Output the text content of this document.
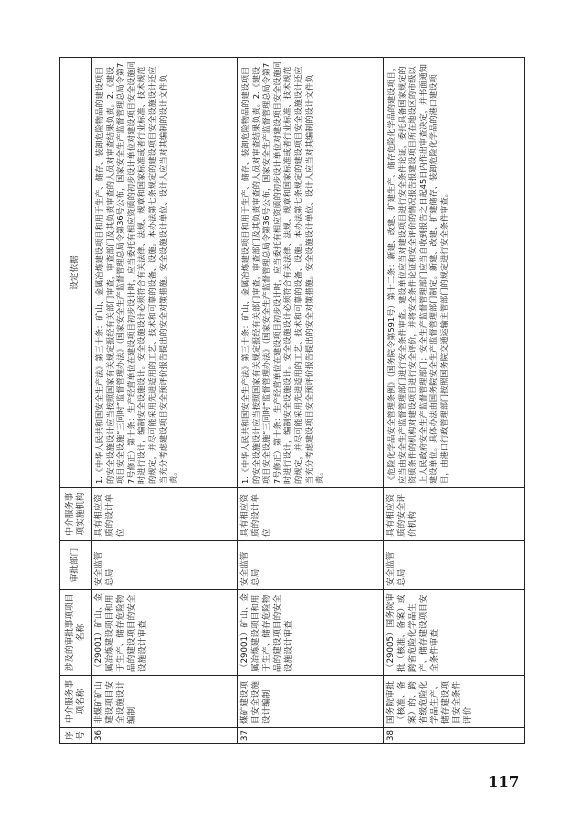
序号	中介服务事项名称	涉及的审批事项项目名称	审批部门	中介服务事项实施机构	设定依据
36	非煤矿矿山建设项目安全设施设计编制	（29001）矿山、金属冶炼建设项目和用于生产、储存危险物品的建设项目的安全设施设计审查	安全监管总局	具有相应资质的设计单位	1.《中华人民共和国安全生产法》第三十条：矿山、金属冶炼建设项目和用于生产、储存、装卸危险物品的建设项目的安全设施设计应当按照国家有关规定报经有关部门审查，审查部门及其负责审查的人员对审查结果负责。2.《建设项目安全设施“三同时”监督管理办法》（国家安全生产监督管理总局令第36号公布，国家安全生产监督管理总局令第77号修正）第十条：生产经营单位在建设项目初步设计时，应当委托有相应资质的初步设计单位对建设项目安全设施同时进行设计，编制安全设施设计。安全设施设计必须符合有关法律、法规、规章和国家标准或者行业标准、技术规范的规定，并尽可能采用先进适用的工艺、技术和可靠的设备、设施。本办法第七条规定的建设项目安全设施设计还应当充分考虑建设项目安全预评价报告提出的安全对策措施。安全设施设计单位、设计人应当对其编制的设计文件负责。
37	煤矿建设项目安全设施设计编制	（29001）矿山、金属冶炼建设项目和用于生产、储存危险物品的建设项目的安全设施设计审查	安全监管总局	具有相应资质的设计单位	1.《中华人民共和国安全生产法》第三十条：矿山、金属冶炼建设项目和用于生产、储存、装卸危险物品的建设项目的安全设施设计应当按照国家有关规定报经有关部门审查，审查部门及其负责审查的人员对审查结果负责。2.《建设项目安全设施“三同时”监督管理办法》（国家安全生产监督管理总局令第36号公布，国家安全生产监督管理总局令第77号修正）第十条：生产经营单位在建设项目初步设计时，应当委托有相应资质的初步设计单位对建设项目安全设施同时进行设计，编制安全设施设计。安全设施设计必须符合有关法律、法规、规章和国家标准或者行业标准、技术规范的规定，并尽可能采用先进适用的工艺、技术和可靠的设备、设施。本办法第七条规定的建设项目安全设施设计还应当充分考虑建设项目安全预评价报告提出的安全对策措施。安全设施设计单位、设计人应当对其编制的设计文件负责。
38	国务院审批（核准、备案）的、跨省级危险化学品生产、储存建设项目安全条件评价	（29005）国务院审批（核准、备案）或跨省危险化学品生产、储存建设项目安全条件审查	安全监管总局	具有相应资质的安全评价机构	《危险化学品安全管理条例》（国务院令第591号）第十二条：新建、改建、扩建生产、储存危险化学品的建设项目，应当由安全生产监督管理部门进行安全条件审查。建设单位应当对建设项目进行安全条件论证，委托具备国家规定的资质条件的机构对建设项目进行安全评价，并将安全条件论证和安全评价的情况报告报建设项目所在地设区的市级以上人民政府安全生产监督管理部门；安全生产监督管理部门应当自收到报告之日起45日内作出审查决定，并书面通知建设单位。具体办法由国务院安全生产监督管理部门制定。新建、改建、扩建储存、装卸危险化学品的港口建设项目，由港口行政管理部门按照国务院交通运输主管部门的规定进行安全条件审查。
117
